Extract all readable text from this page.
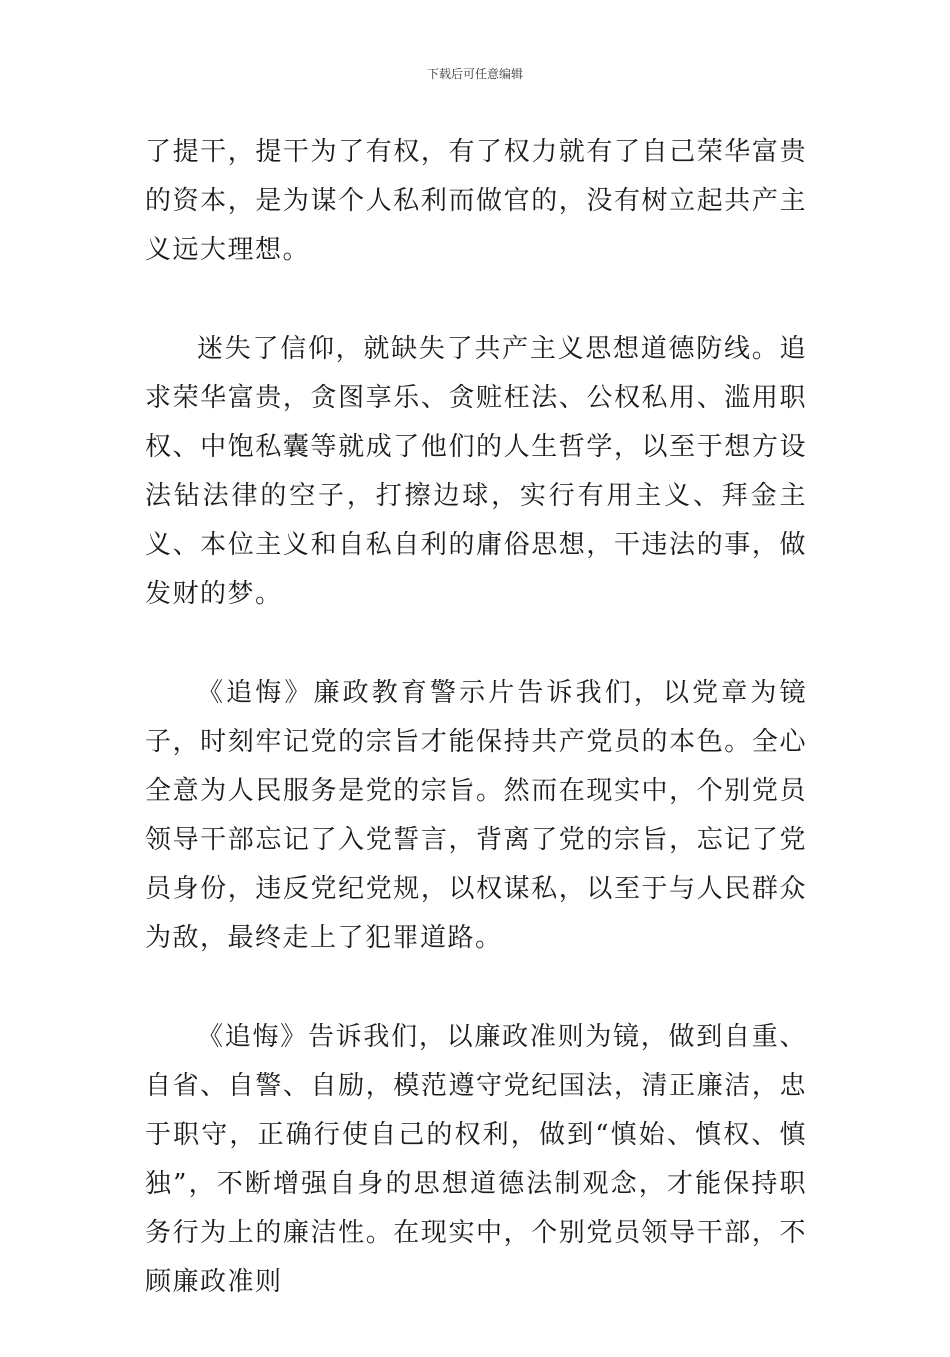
下载后可任意编辑

了提干，提干为了有权，有了权力就有了自己荣华富贵的资本，是为谋个人私利而做官的，没有树立起共产主义远大理想。

迷失了信仰，就缺失了共产主义思想道德防线。追求荣华富贵，贪图享乐、贪赃枉法、公权私用、滥用职权、中饱私囊等就成了他们的人生哲学，以至于想方设法钻法律的空子，打擦边球，实行有用主义、拜金主义、本位主义和自私自利的庸俗思想，干违法的事，做发财的梦。

《追悔》廉政教育警示片告诉我们，以党章为镜子，时刻牢记党的宗旨才能保持共产党员的本色。全心全意为人民服务是党的宗旨。然而在现实中，个别党员领导干部忘记了入党誓言，背离了党的宗旨，忘记了党员身份，违反党纪党规，以权谋私，以至于与人民群众为敌，最终走上了犯罪道路。

《追悔》告诉我们，以廉政准则为镜，做到自重、自省、自警、自励，模范遵守党纪国法，清正廉洁，忠于职守，正确行使自己的权利，做到“慎始、慎权、慎独”，不断增强自身的思想道德法制观念，才能保持职务行为上的廉洁性。在现实中，个别党员领导干部，不顾廉政准则
